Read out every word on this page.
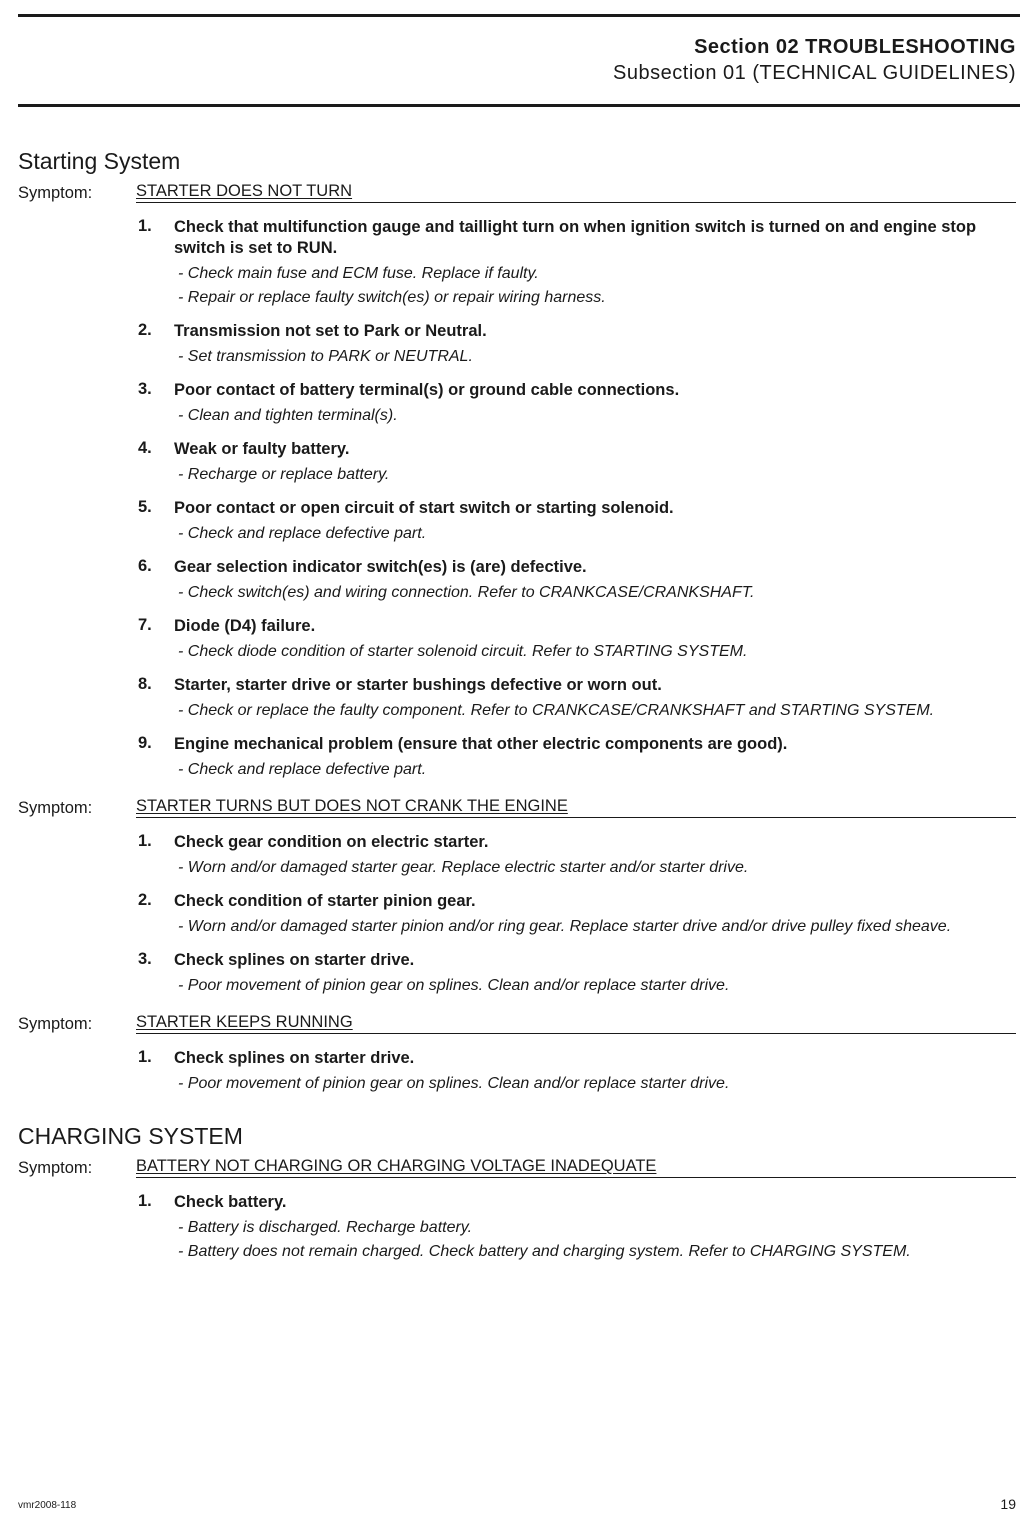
Section 02 TROUBLESHOOTING
Subsection 01 (TECHNICAL GUIDELINES)
Starting System
Symptom:	STARTER DOES NOT TURN
1.	Check that multifunction gauge and taillight turn on when ignition switch is turned on and engine stop switch is set to RUN.
- Check main fuse and ECM fuse. Replace if faulty.
- Repair or replace faulty switch(es) or repair wiring harness.
2.	Transmission not set to Park or Neutral.
- Set transmission to PARK or NEUTRAL.
3.	Poor contact of battery terminal(s) or ground cable connections.
- Clean and tighten terminal(s).
4.	Weak or faulty battery.
- Recharge or replace battery.
5.	Poor contact or open circuit of start switch or starting solenoid.
- Check and replace defective part.
6.	Gear selection indicator switch(es) is (are) defective.
- Check switch(es) and wiring connection. Refer to CRANKCASE/CRANKSHAFT.
7.	Diode (D4) failure.
- Check diode condition of starter solenoid circuit. Refer to STARTING SYSTEM.
8.	Starter, starter drive or starter bushings defective or worn out.
- Check or replace the faulty component. Refer to CRANKCASE/CRANKSHAFT and STARTING SYSTEM.
9.	Engine mechanical problem (ensure that other electric components are good).
- Check and replace defective part.
Symptom:	STARTER TURNS BUT DOES NOT CRANK THE ENGINE
1.	Check gear condition on electric starter.
- Worn and/or damaged starter gear. Replace electric starter and/or starter drive.
2.	Check condition of starter pinion gear.
- Worn and/or damaged starter pinion and/or ring gear. Replace starter drive and/or drive pulley fixed sheave.
3.	Check splines on starter drive.
- Poor movement of pinion gear on splines. Clean and/or replace starter drive.
Symptom:	STARTER KEEPS RUNNING
1.	Check splines on starter drive.
- Poor movement of pinion gear on splines. Clean and/or replace starter drive.
CHARGING SYSTEM
Symptom:	BATTERY NOT CHARGING OR CHARGING VOLTAGE INADEQUATE
1.	Check battery.
- Battery is discharged. Recharge battery.
- Battery does not remain charged. Check battery and charging system. Refer to CHARGING SYSTEM.
vmr2008-118	19
